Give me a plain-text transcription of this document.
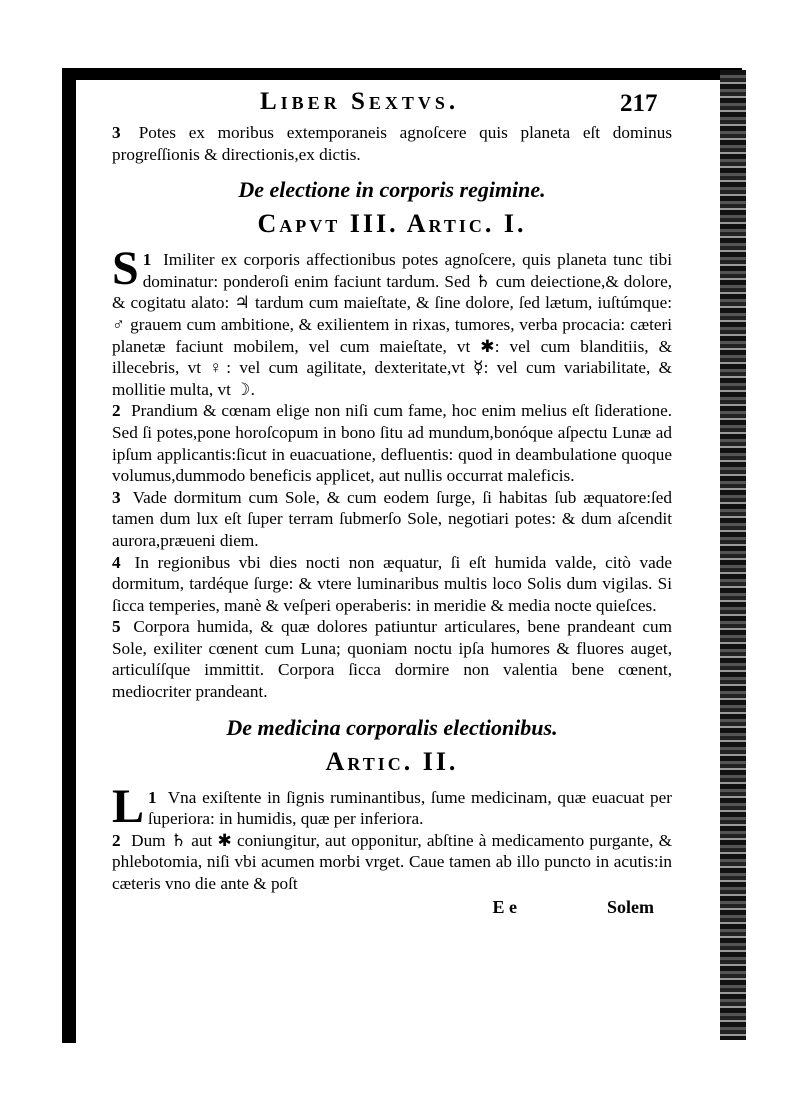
Liber Sextvs.	217

3 Potes ex moribus extemporaneis agnoſcere quis planeta eſt dominus progreſſionis & directionis,ex dictis.

De electione in corporis regimine.
Capvt III. Artic. I.

1
S Imiliter ex corporis affectionibus potes agnoſcere, quis planeta tunc tibi dominatur: ponderoſi enim faciunt tardum. Sed ♄ cum deiectione,& dolore, & cogitatu alato: ♃ tardum cum maieſtate, & ſine dolore, ſed lætum, iuſtúmque: ♂ grauem cum ambitione, & exilientem in rixas, tumores, verba procacia: cæteri planetæ faciunt mobilem, vel cum maieſtate, vt ✱: vel cum blanditiis, & illecebris, vt ♀: vel cum agilitate, dexteritate,vt ☿: vel cum variabilitate, & mollitie multa, vt ☽.

2 Prandium & cœnam elige non niſi cum fame, hoc enim melius eſt ſideratione. Sed ſi potes,pone horoſcopum in bono ſitu ad mundum,bonóque aſpectu Lunæ ad ipſum applicantis:ſicut in euacuatione, defluentis: quod in deambulatione quoque volumus,dummodo beneficis applicet, aut nullis occurrat maleficis.

3 Vade dormitum cum Sole, & cum eodem ſurge, ſi habitas ſub æquatore:ſed tamen dum lux eſt ſuper terram ſubmerſo Sole, negotiari potes: & dum aſcendit aurora,præueni diem.

4 In regionibus vbi dies nocti non æquatur, ſi eſt humida valde, citò vade dormitum, tardéque ſurge: & vtere luminaribus multis loco Solis dum vigilas. Si ſicca temperies, manè & veſperi operaberis: in meridie & media nocte quieſces.

5 Corpora humida, & quæ dolores patiuntur articulares, bene prandeant cum Sole, exiliter cœnent cum Luna; quoniam noctu ipſa humores & fluores auget, articulíſque immittit. Corpora ſicca dormire non valentia bene cœnent, mediocriter prandeant.

De medicina corporalis electionibus.
Artic. II.

1
L Vna exiſtente in ſignis ruminantibus, ſume medicinam, quæ euacuat per ſuperiora: in humidis, quæ per inferiora.

2 Dum ♄ aut ✱ coniungitur, aut opponitur, abſtine à medicamento purgante, & phlebotomia, niſi vbi acumen morbi vrget. Caue tamen ab illo puncto in acutis:in cæteris vno die ante & poſt

E e	Solem
